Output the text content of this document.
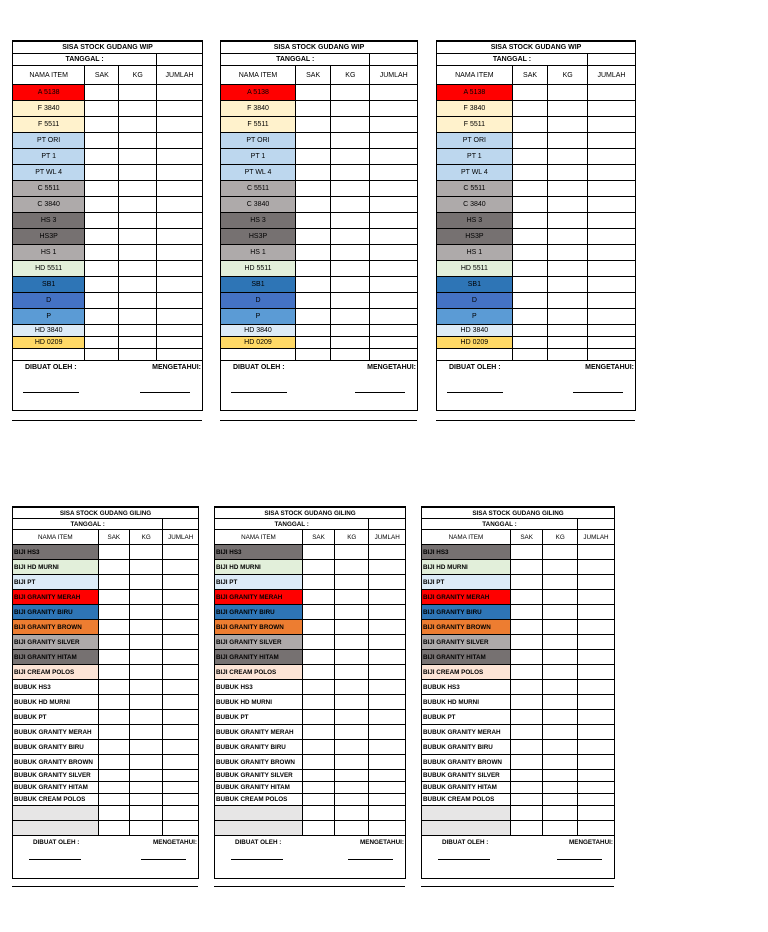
SISA STOCK GUDANG WIP			
TANGGAL :			
NAMA ITEM	SAK	KG	JUMLAH
A 5138			
F 3840			
F 5511			
PT ORI			
PT 1			
PT WL 4			
C 5511			
C 3840			
HS 3			
HS3P			
HS 1			
HD 5511			
SB1			
D			
P			
HD 3840			
HD 0209			

DIBUAT OLEH :	MENGETAHUI:
SISA STOCK GUDANG WIP			
TANGGAL :			
NAMA ITEM	SAK	KG	JUMLAH
A 5138			
F 3840			
F 5511			
PT ORI			
PT 1			
PT WL 4			
C 5511			
C 3840			
HS 3			
HS3P			
HS 1			
HD 5511			
SB1			
D			
P			
HD 3840			
HD 0209			

DIBUAT OLEH :	MENGETAHUI:
SISA STOCK GUDANG WIP			
TANGGAL :			
NAMA ITEM	SAK	KG	JUMLAH
A 5138			
F 3840			
F 5511			
PT ORI			
PT 1			
PT WL 4			
C 5511			
C 3840			
HS 3			
HS3P			
HS 1			
HD 5511			
SB1			
D			
P			
HD 3840			
HD 0209			

DIBUAT OLEH :	MENGETAHUI:
SISA STOCK GUDANG GILING			
TANGGAL :			
NAMA ITEM	SAK	KG	JUMLAH
BIJI HS3			
BIJI HD MURNI			
BIJI PT			
BIJI GRANITY MERAH			
BIJI GRANITY BIRU			
BIJI GRANITY BROWN			
BIJI GRANITY SILVER			
BIJI GRANITY HITAM			
BIJI CREAM POLOS			
BUBUK HS3			
BUBUK HD MURNI			
BUBUK PT			
BUBUK GRANITY MERAH			
BUBUK GRANITY BIRU			
BUBUK GRANITY BROWN			
BUBUK GRANITY SILVER			
BUBUK GRANITY HITAM			
BUBUK CREAM POLOS			

DIBUAT OLEH :	MENGETAHUI:
SISA STOCK GUDANG GILING			
TANGGAL :			
NAMA ITEM	SAK	KG	JUMLAH
BIJI HS3			
BIJI HD MURNI			
BIJI PT			
BIJI GRANITY MERAH			
BIJI GRANITY BIRU			
BIJI GRANITY BROWN			
BIJI GRANITY SILVER			
BIJI GRANITY HITAM			
BIJI CREAM POLOS			
BUBUK HS3			
BUBUK HD MURNI			
BUBUK PT			
BUBUK GRANITY MERAH			
BUBUK GRANITY BIRU			
BUBUK GRANITY BROWN			
BUBUK GRANITY SILVER			
BUBUK GRANITY HITAM			
BUBUK CREAM POLOS			

DIBUAT OLEH :	MENGETAHUI:
SISA STOCK GUDANG GILING			
TANGGAL :			
NAMA ITEM	SAK	KG	JUMLAH
BIJI HS3			
BIJI HD MURNI			
BIJI PT			
BIJI GRANITY MERAH			
BIJI GRANITY BIRU			
BIJI GRANITY BROWN			
BIJI GRANITY SILVER			
BIJI GRANITY HITAM			
BIJI CREAM POLOS			
BUBUK HS3			
BUBUK HD MURNI			
BUBUK PT			
BUBUK GRANITY MERAH			
BUBUK GRANITY BIRU			
BUBUK GRANITY BROWN			
BUBUK GRANITY SILVER			
BUBUK GRANITY HITAM			
BUBUK CREAM POLOS			

DIBUAT OLEH :	MENGETAHUI:
